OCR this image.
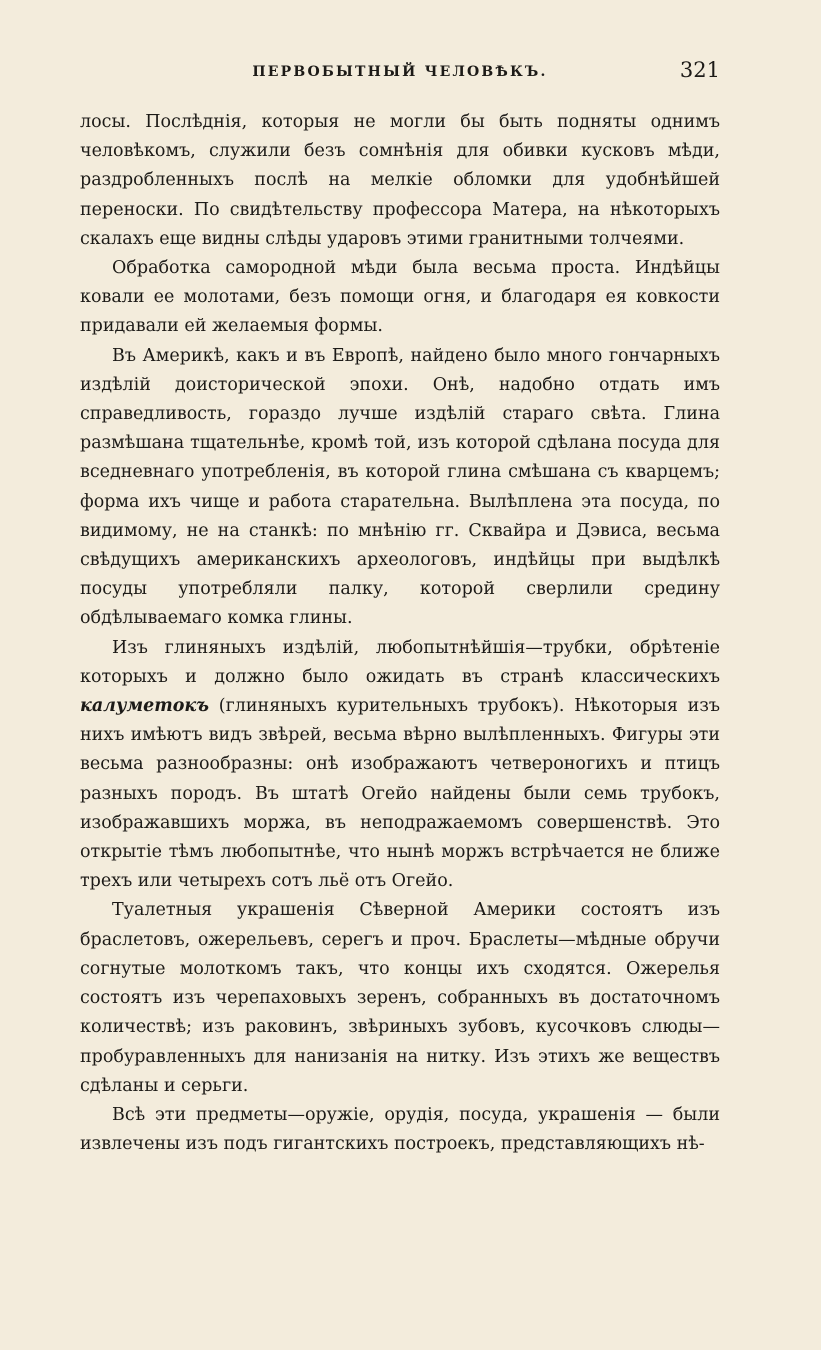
ПЕРВОБЫТНЫЙ ЧЕЛОВѢКЪ.	321

лосы. Послѣднія, которыя не могли бы быть подняты однимъ человѣкомъ, служили безъ сомнѣнія для обивки кусковъ мѣди, раздробленныхъ послѣ на мелкіе обломки для удобнѣйшей переноски. По свидѣтельству профессора Матера, на нѣкоторыхъ скалахъ еще видны слѣды ударовъ этими гранитными толчеями.

Обработка самородной мѣди была весьма проста. Индѣйцы ковали ее молотами, безъ помощи огня, и благодаря ея ковкости придавали ей желаемыя формы.

Въ Америкѣ, какъ и въ Европѣ, найдено было много гончарныхъ издѣлій доисторической эпохи. Онѣ, надобно отдать имъ справедливость, гораздо лучше издѣлій стараго свѣта. Глина размѣшана тщательнѣе, кромѣ той, изъ которой сдѣлана посуда для вседневнаго употребленія, въ которой глина смѣшана съ кварцемъ; форма ихъ чище и работа старательна. Вылѣплена эта посуда, по видимому, не на станкѣ: по мнѣнію гг. Сквайра и Дэвиса, весьма свѣдущихъ американскихъ археологовъ, индѣйцы при выдѣлкѣ посуды употребляли палку, которой сверлили средину обдѣлываемаго комка глины.

Изъ глиняныхъ издѣлій, любопытнѣйшія—трубки, обрѣтеніе которыхъ и должно было ожидать въ странѣ классическихъ калуметокъ (глиняныхъ курительныхъ трубокъ). Нѣкоторыя изъ нихъ имѣютъ видъ звѣрей, весьма вѣрно вылѣпленныхъ. Фигуры эти весьма разнообразны: онѣ изображаютъ четвероногихъ и птицъ разныхъ породъ. Въ штатѣ Огейо найдены были семь трубокъ, изображавшихъ моржа, въ неподражаемомъ совершенствѣ. Это открытіе тѣмъ любопытнѣе, что нынѣ моржъ встрѣчается не ближе трехъ или четырехъ сотъ льё отъ Огейо.

Туалетныя украшенія Сѣверной Америки состоятъ изъ браслетовъ, ожерельевъ, серегъ и проч. Браслеты—мѣдные обручи согнутые молоткомъ такъ, что концы ихъ сходятся. Ожерелья состоятъ изъ черепаховыхъ зеренъ, собранныхъ въ достаточномъ количествѣ; изъ раковинъ, звѣриныхъ зубовъ, кусочковъ слюды—пробуравленныхъ для нанизанія на нитку. Изъ этихъ же веществъ сдѣланы и серьги.

Всѣ эти предметы—оружіе, орудія, посуда, украшенія — были извлечены изъ подъ гигантскихъ построекъ, представляющихъ нѣ-
